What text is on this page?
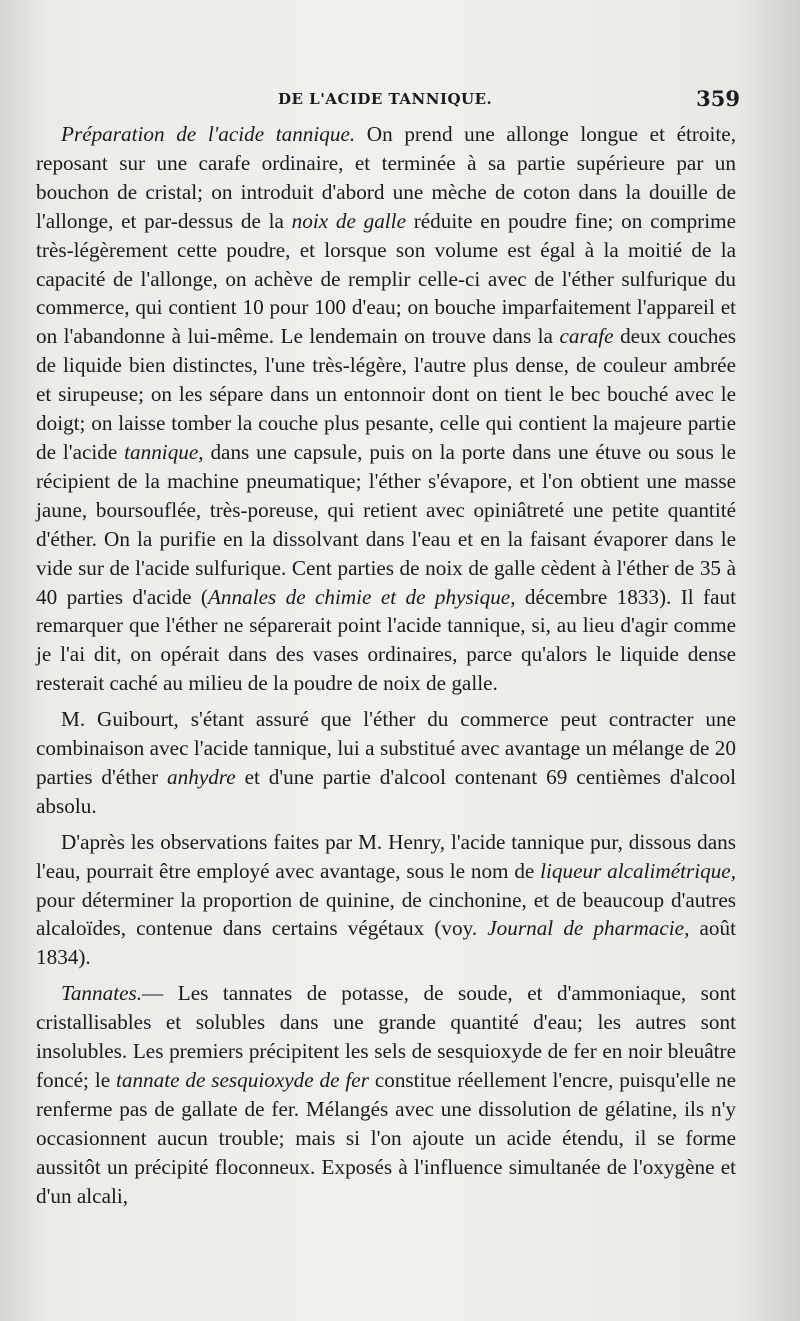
DE L'ACIDE TANNIQUE.	359

Préparation de l'acide tannique. On prend une allonge longue et étroite, reposant sur une carafe ordinaire, et terminée à sa partie supérieure par un bouchon de cristal; on introduit d'abord une mèche de coton dans la douille de l'allonge, et par-dessus de la noix de galle réduite en poudre fine; on comprime très-légèrement cette poudre, et lorsque son volume est égal à la moitié de la capacité de l'allonge, on achève de remplir celle-ci avec de l'éther sulfurique du commerce, qui contient 10 pour 100 d'eau; on bouche imparfaitement l'appareil et on l'abandonne à lui-même. Le lendemain on trouve dans la carafe deux couches de liquide bien distinctes, l'une très-légère, l'autre plus dense, de couleur ambrée et sirupeuse; on les sépare dans un entonnoir dont on tient le bec bouché avec le doigt; on laisse tomber la couche plus pesante, celle qui contient la majeure partie de l'acide tannique, dans une capsule, puis on la porte dans une étuve ou sous le récipient de la machine pneumatique; l'éther s'évapore, et l'on obtient une masse jaune, boursouflée, très-poreuse, qui retient avec opiniâtreté une petite quantité d'éther. On la purifie en la dissolvant dans l'eau et en la faisant évaporer dans le vide sur de l'acide sulfurique. Cent parties de noix de galle cèdent à l'éther de 35 à 40 parties d'acide (Annales de chimie et de physique, décembre 1833). Il faut remarquer que l'éther ne séparerait point l'acide tannique, si, au lieu d'agir comme je l'ai dit, on opérait dans des vases ordinaires, parce qu'alors le liquide dense resterait caché au milieu de la poudre de noix de galle.

M. Guibourt, s'étant assuré que l'éther du commerce peut contracter une combinaison avec l'acide tannique, lui a substitué avec avantage un mélange de 20 parties d'éther anhydre et d'une partie d'alcool contenant 69 centièmes d'alcool absolu.

D'après les observations faites par M. Henry, l'acide tannique pur, dissous dans l'eau, pourrait être employé avec avantage, sous le nom de liqueur alcalimétrique, pour déterminer la proportion de quinine, de cinchonine, et de beaucoup d'autres alcaloïdes, contenue dans certains végétaux (voy. Journal de pharmacie, août 1834).

Tannates.— Les tannates de potasse, de soude, et d'ammoniaque, sont cristallisables et solubles dans une grande quantité d'eau; les autres sont insolubles. Les premiers précipitent les sels de sesquioxyde de fer en noir bleuâtre foncé; le tannate de sesquioxyde de fer constitue réellement l'encre, puisqu'elle ne renferme pas de gallate de fer. Mélangés avec une dissolution de gélatine, ils n'y occasionnent aucun trouble; mais si l'on ajoute un acide étendu, il se forme aussitôt un précipité floconneux. Exposés à l'influence simultanée de l'oxygène et d'un alcali,
